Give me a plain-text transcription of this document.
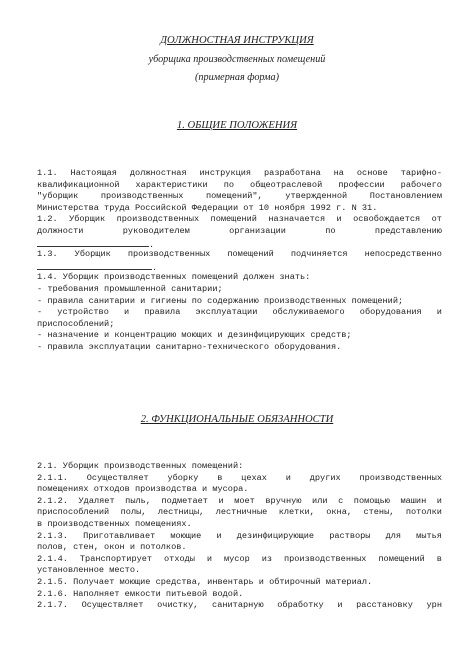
ДОЛЖНОСТНАЯ ИНСТРУКЦИЯ
уборщика производственных помещений
(примерная форма)
1. ОБЩИЕ ПОЛОЖЕНИЯ
1.1. Настоящая должностная инструкция разработана на основе тарифно-
квалификационной характеристики по общеотраслевой профессии рабочего
"уборщик	производственных	помещений",	утвержденной	Постановлением
Министерства труда Российской Федерации от 10 ноября 1992 г. N 31.
1.2. Уборщик производственных помещений назначается и освобождается от
должности	руководителем	организации	по	представлению
.
1.3. Уборщик производственных помещений подчиняется непосредственно
.
1.4. Уборщик производственных помещений должен знать:
- требования промышленной санитарии;
- правила санитарии и гигиены по содержанию производственных помещений;
- устройство и правила эксплуатации обслуживаемого оборудования и
приспособлений;
- назначение и концентрацию моющих и дезинфицирующих средств;
- правила эксплуатации санитарно-технического оборудования.
2. ФУНКЦИОНАЛЬНЫЕ ОБЯЗАННОСТИ
2.1. Уборщик производственных помещений:
2.1.1. Осуществляет уборку в цехах и других производственных
помещениях отходов производства и мусора.
2.1.2. Удаляет пыль, подметает и моет вручную или с помощью машин и
приспособлений полы, лестницы, лестничные клетки, окна, стены, потолки
в производственных помещениях.
2.1.3. Приготавливает моющие и дезинфицирующие растворы для мытья
полов, стен, окон и потолков.
2.1.4. Транспортирует отходы и мусор из производственных помещений в
установленное место.
2.1.5. Получает моющие средства, инвентарь и обтирочный материал.
2.1.6. Наполняет емкости питьевой водой.
2.1.7. Осуществляет очистку, санитарную обработку и расстановку урн
